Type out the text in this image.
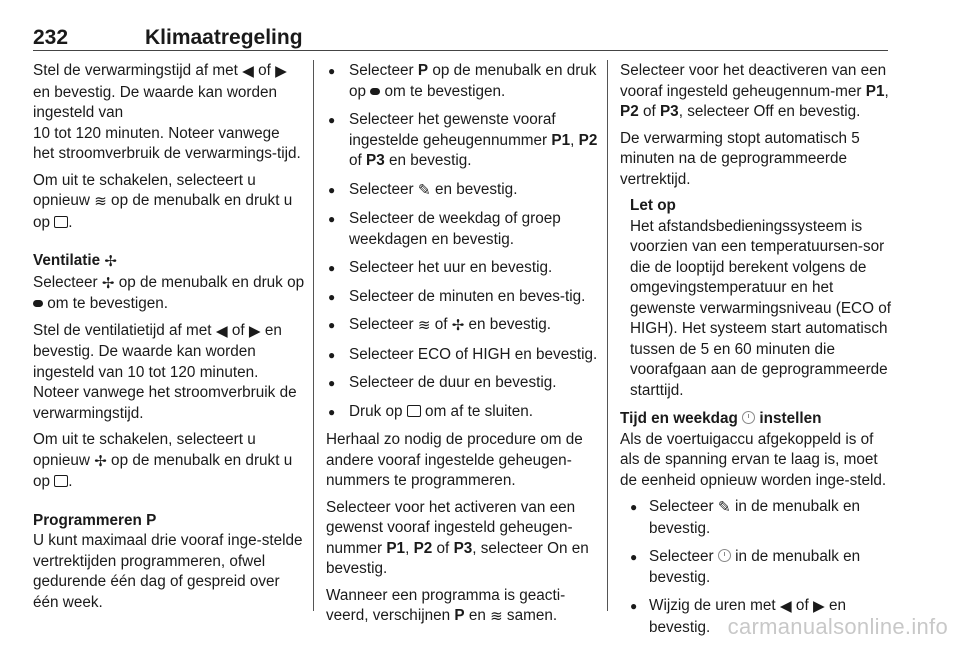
232	Klimaatregeling

Stel de verwarmingstijd af met ◀ of ▶ en bevestig. De waarde kan worden ingesteld van
10 tot 120 minuten. Noteer vanwege het stroomverbruik de verwarmings-tijd.

Om uit te schakelen, selecteert u opnieuw ≋ op de menubalk en drukt u op .

Ventilatie ✢

Selecteer ✢ op de menubalk en druk op  om te bevestigen.

Stel de ventilatietijd af met ◀ of ▶ en bevestig. De waarde kan worden ingesteld van 10 tot 120 minuten. Noteer vanwege het stroomverbruik de verwarmingstijd.

Om uit te schakelen, selecteert u opnieuw ✢ op de menubalk en drukt u op .

Programmeren P

U kunt maximaal drie vooraf inge-stelde vertrektijden programmeren, ofwel gedurende één dag of gespreid over één week.

● Selecteer P op de menubalk en druk op  om te bevestigen.
● Selecteer het gewenste vooraf ingestelde geheugennummer P1, P2 of P3 en bevestig.
● Selecteer ✎ en bevestig.
● Selecteer de weekdag of groep weekdagen en bevestig.
● Selecteer het uur en bevestig.
● Selecteer de minuten en beves-tig.
● Selecteer ≋ of ✢ en bevestig.
● Selecteer ECO of HIGH en bevestig.
● Selecteer de duur en bevestig.
● Druk op  om af te sluiten.

Herhaal zo nodig de procedure om de andere vooraf ingestelde geheugen-nummers te programmeren.

Selecteer voor het activeren van een gewenst vooraf ingesteld geheugen-nummer P1, P2 of P3, selecteer On en bevestig.

Wanneer een programma is geacti-veerd, verschijnen P en ≋ samen.

Selecteer voor het deactiveren van een vooraf ingesteld geheugennum-mer P1, P2 of P3, selecteer Off en bevestig.

De verwarming stopt automatisch 5 minuten na de geprogrammeerde vertrektijd.

Let op
Het afstandsbedieningssysteem is voorzien van een temperatuursen-sor die de looptijd berekent volgens de omgevingstemperatuur en het gewenste verwarmingsniveau (ECO of HIGH). Het systeem start automatisch tussen de 5 en 60 minuten die voorafgaan aan de geprogrammeerde starttijd.
Tijd en weekdag  instellen

Als de voertuigaccu afgekoppeld is of als de spanning ervan te laag is, moet de eenheid opnieuw worden inge-steld.

● Selecteer ✎ in de menubalk en bevestig.
● Selecteer  in de menubalk en bevestig.
● Wijzig de uren met ◀ of ▶ en bevestig. carmanualsonline.info
